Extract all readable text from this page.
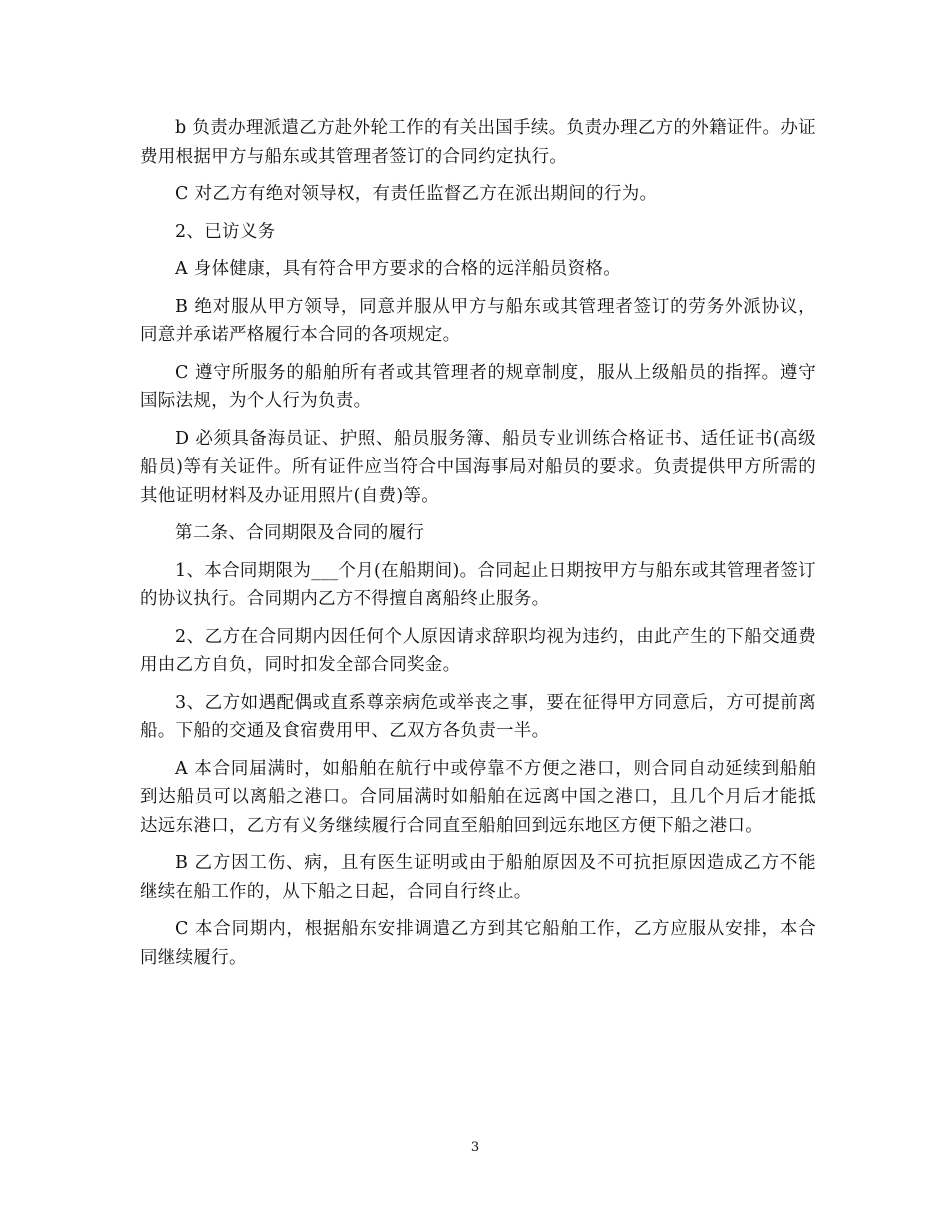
b 负责办理派遣乙方赴外轮工作的有关出国手续。负责办理乙方的外籍证件。办证费用根据甲方与船东或其管理者签订的合同约定执行。

C 对乙方有绝对领导权，有责任监督乙方在派出期间的行为。

2、已访义务

A 身体健康，具有符合甲方要求的合格的远洋船员资格。

B 绝对服从甲方领导，同意并服从甲方与船东或其管理者签订的劳务外派协议，同意并承诺严格履行本合同的各项规定。

C 遵守所服务的船舶所有者或其管理者的规章制度，服从上级船员的指挥。遵守国际法规，为个人行为负责。

D 必须具备海员证、护照、船员服务簿、船员专业训练合格证书、适任证书(高级船员)等有关证件。所有证件应当符合中国海事局对船员的要求。负责提供甲方所需的其他证明材料及办证用照片(自费)等。

第二条、合同期限及合同的履行

1、本合同期限为___个月(在船期间)。合同起止日期按甲方与船东或其管理者签订的协议执行。合同期内乙方不得擅自离船终止服务。

2、乙方在合同期内因任何个人原因请求辞职均视为违约，由此产生的下船交通费用由乙方自负，同时扣发全部合同奖金。

3、乙方如遇配偶或直系尊亲病危或举丧之事，要在征得甲方同意后，方可提前离船。下船的交通及食宿费用甲、乙双方各负责一半。

A 本合同届满时，如船舶在航行中或停靠不方便之港口，则合同自动延续到船舶到达船员可以离船之港口。合同届满时如船舶在远离中国之港口，且几个月后才能抵达远东港口，乙方有义务继续履行合同直至船舶回到远东地区方便下船之港口。

B 乙方因工伤、病，且有医生证明或由于船舶原因及不可抗拒原因造成乙方不能继续在船工作的，从下船之日起，合同自行终止。

C 本合同期内，根据船东安排调遣乙方到其它船舶工作，乙方应服从安排，本合同继续履行。

3
